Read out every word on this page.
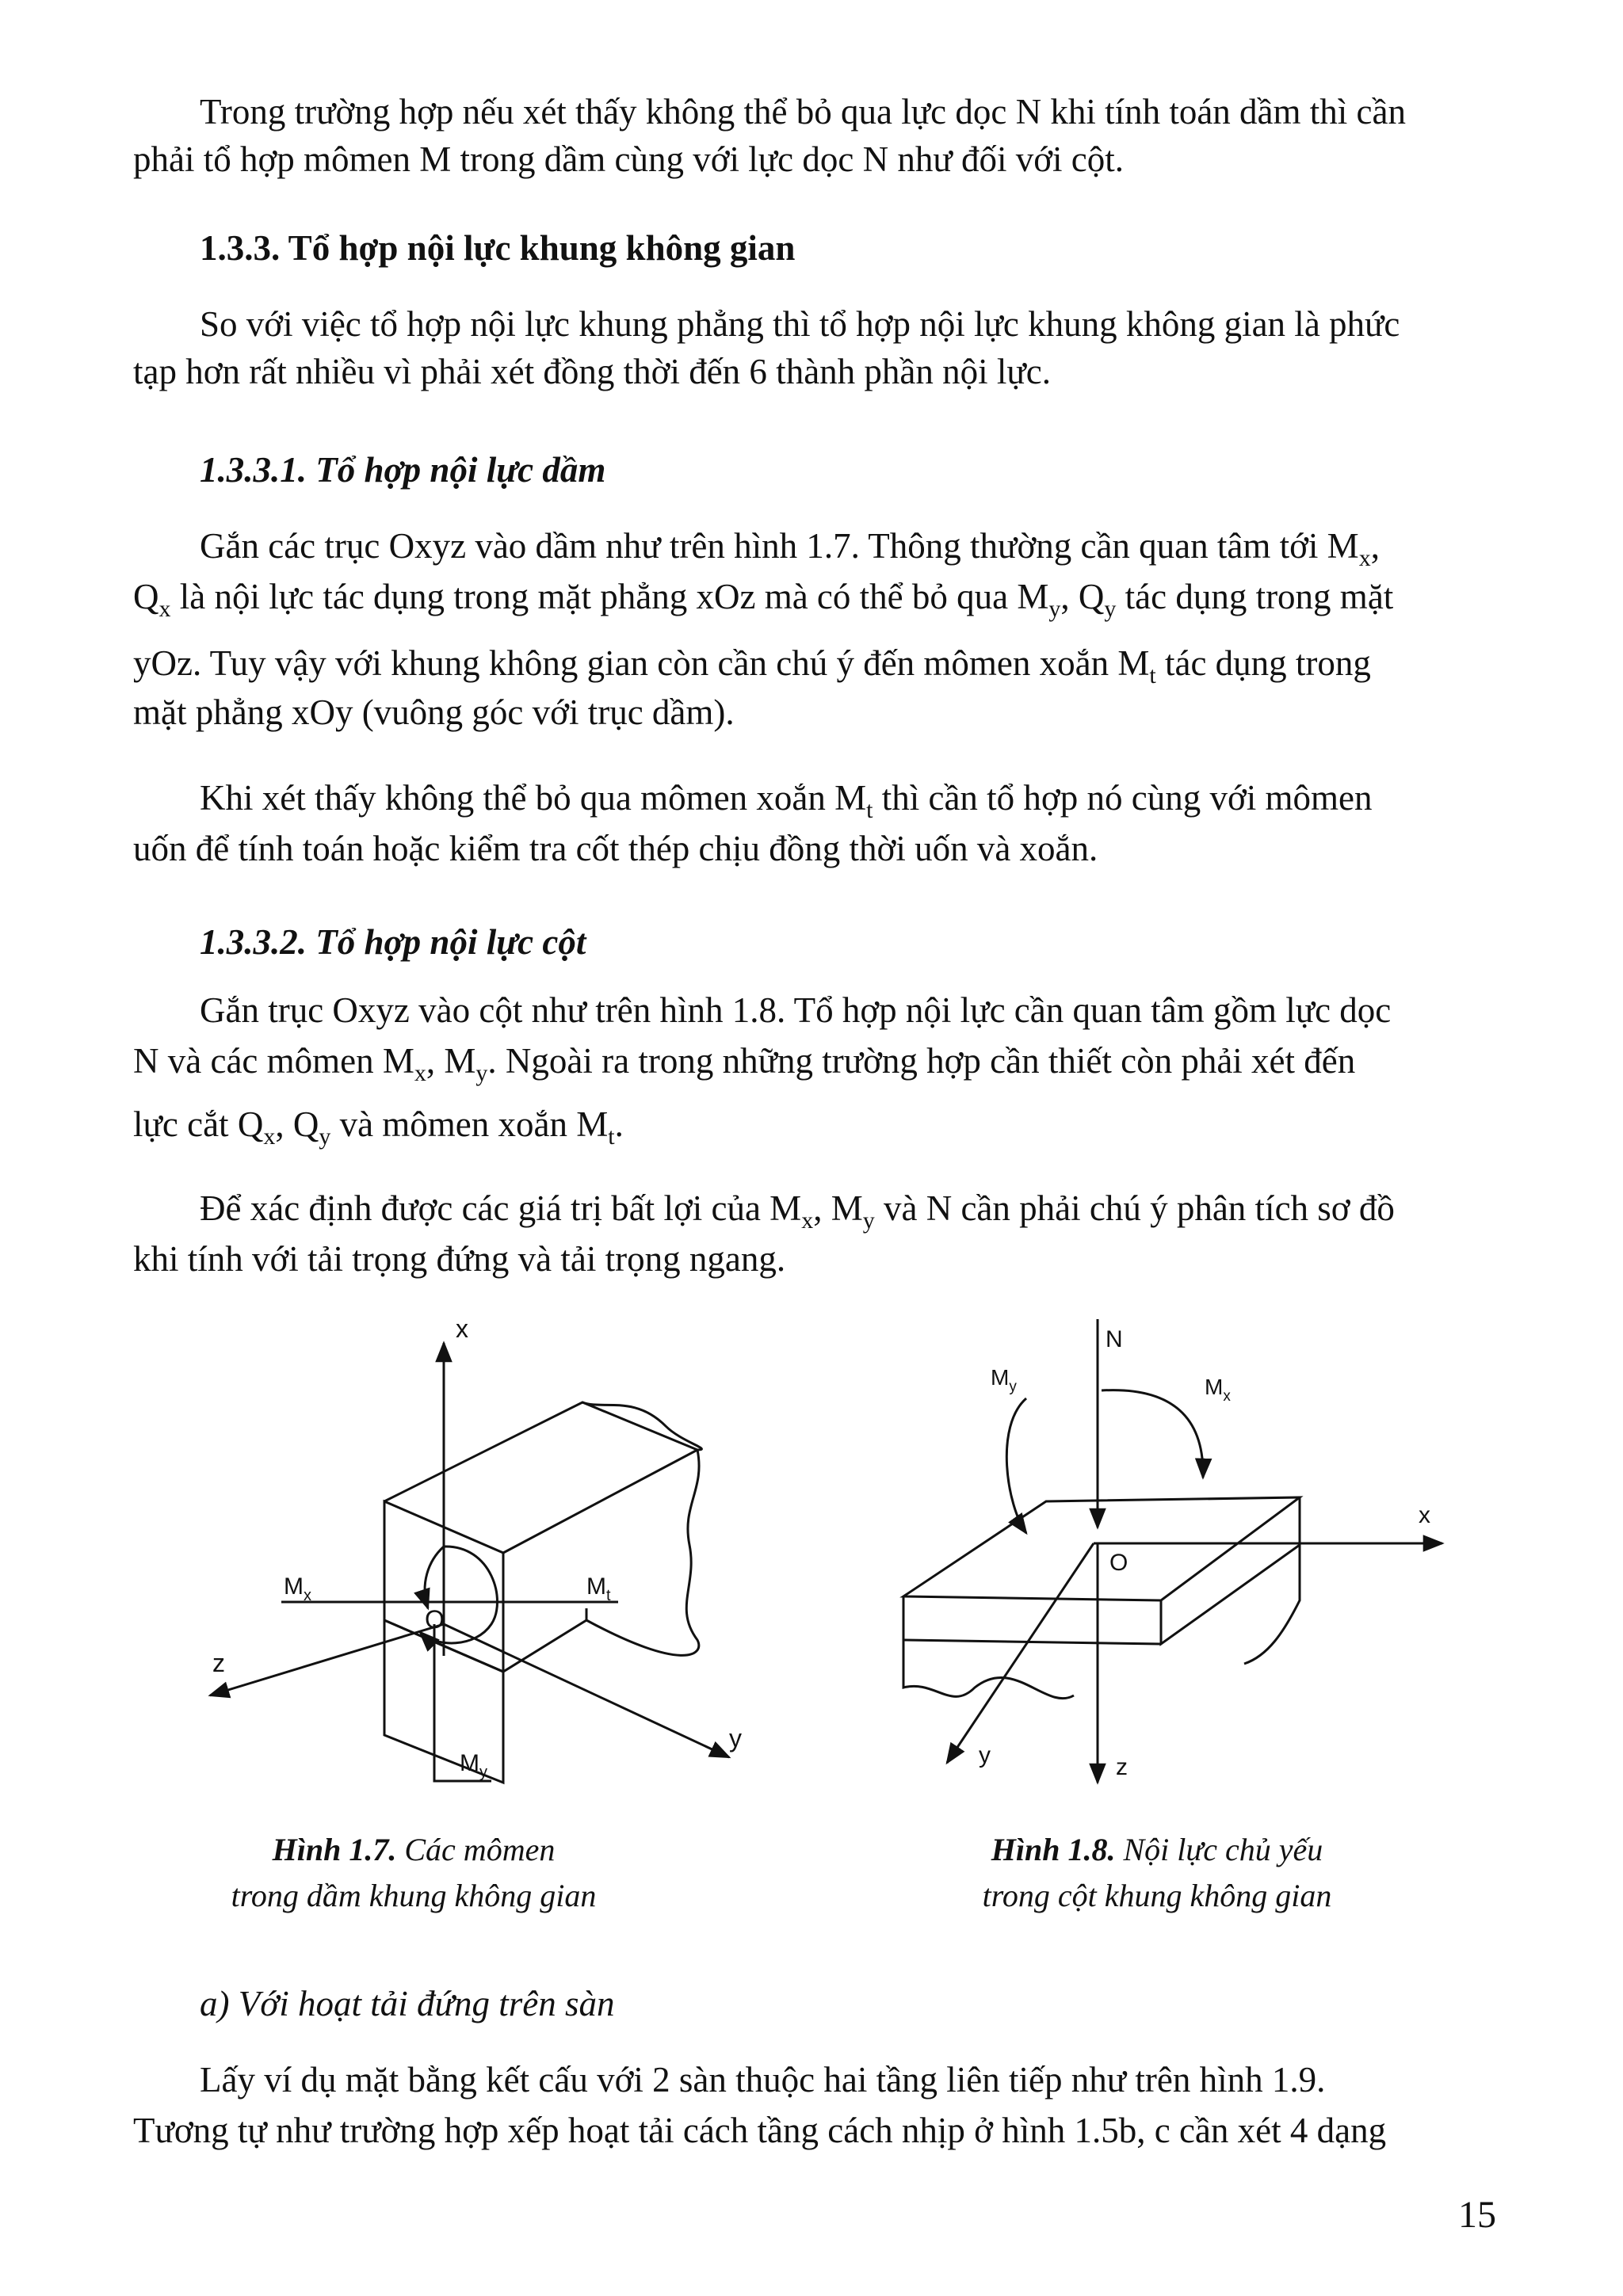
Trong trường hợp nếu xét thấy không thể bỏ qua lực dọc N khi tính toán dầm thì cần
phải tổ hợp mômen M trong dầm cùng với lực dọc N như đối với cột.
1.3.3. Tổ hợp nội lực khung không gian
So với việc tổ hợp nội lực khung phẳng thì tổ hợp nội lực khung không gian là phức
tạp hơn rất nhiều vì phải xét đồng thời đến 6 thành phần nội lực.
1.3.3.1. Tổ hợp nội lực dầm
Gắn các trục Oxyz vào dầm như trên hình 1.7. Thông thường cần quan tâm tới $M_x$,
$Q_x$ là nội lực tác dụng trong mặt phẳng xOz mà có thể bỏ qua $M_y$, $Q_y$ tác dụng trong mặt
yOz. Tuy vậy với khung không gian còn cần chú ý đến mômen xoắn $M_t$ tác dụng trong
mặt phẳng xOy (vuông góc với trục dầm).
Khi xét thấy không thể bỏ qua mômen xoắn $M_t$ thì cần tổ hợp nó cùng với mômen
uốn để tính toán hoặc kiểm tra cốt thép chịu đồng thời uốn và xoắn.
1.3.3.2. Tổ hợp nội lực cột
Gắn trục Oxyz vào cột như trên hình 1.8. Tổ hợp nội lực cần quan tâm gồm lực dọc
N và các mômen $M_x$, $M_y$. Ngoài ra trong những trường hợp cần thiết còn phải xét đến
lực cắt $Q_x$, $Q_y$ và mômen xoắn $M_t$.
Để xác định được các giá trị bất lợi của $M_x$, $M_y$ và N cần phải chú ý phân tích sơ đồ
khi tính với tải trọng đứng và tải trọng ngang.
x
z
y
O
$M_x$	$M_t$
$M_y$
Hình 1.7. Các mômen
trong dầm khung không gian
N
$M_y$	$M_x$
x
O
y	z
Hình 1.8. Nội lực chủ yếu
trong cột khung không gian
a) Với hoạt tải đứng trên sàn
Lấy ví dụ mặt bằng kết cấu với 2 sàn thuộc hai tầng liên tiếp như trên hình 1.9.
Tương tự như trường hợp xếp hoạt tải cách tầng cách nhịp ở hình 1.5b, c cần xét 4 dạng
15
